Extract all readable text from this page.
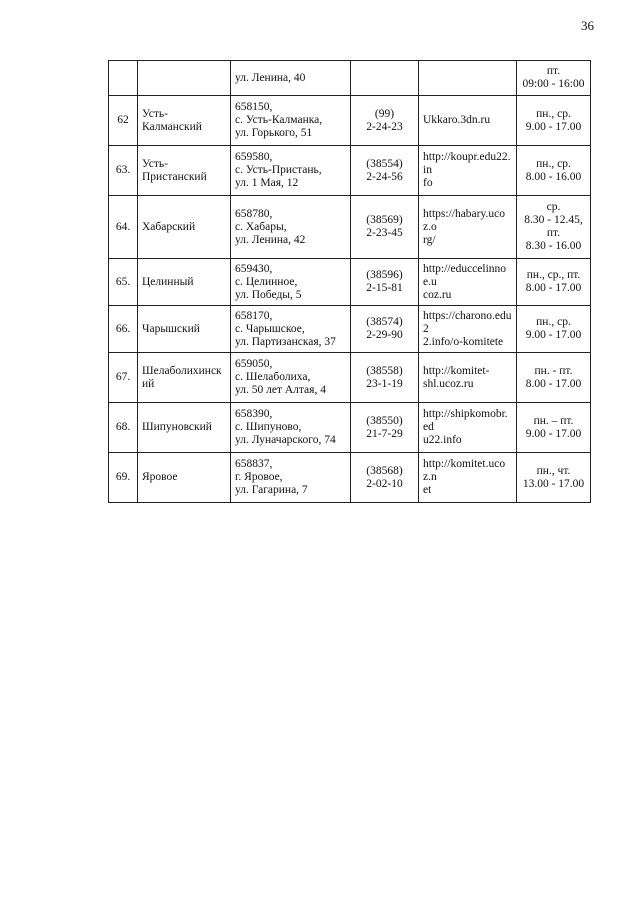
36

		ул. Ленина, 40			пт.
09:00 - 16:00

62	Усть-Калманский	658150,
с. Усть-Калманка,
ул. Горького, 51	(99)
2-24-23	Ukkaro.3dn.ru	пн., ср.
9.00 - 17.00

63.	Усть-Пристанский	659580,
с. Усть-Пристань,
ул. 1 Мая, 12	(38554)
2-24-56	http://koupr.edu22.in
fo	пн., ср.
8.00 - 16.00

64.	Хабарский	658780,
с. Хабары,
ул. Ленина, 42	(38569)
2-23-45	https://habary.ucoz.o
rg/	ср.
8.30 - 12.45,
пт.
8.30 - 16.00

65.	Целинный	659430,
с. Целинное,
ул. Победы, 5	(38596)
2-15-81	http://educcelinnoe.u
coz.ru	пн., ср., пт.
8.00 - 17.00

66.	Чарышский	658170,
с. Чарышское,
ул. Партизанская, 37	(38574)
2-29-90	https://charono.edu2
2.info/o-komitete	пн., ср.
9.00 - 17.00

67.	Шелаболихинский	659050,
с. Шелаболиха,
ул. 50 лет Алтая, 4	(38558)
23-1-19	http://komitet-
shl.ucoz.ru	пн. - пт.
8.00 - 17.00

68.	Шипуновский	658390,
с. Шипуново,
ул. Луначарского, 74	(38550)
21-7-29	http://shipkomobr.ed
u22.info	пн. – пт.
9.00 - 17.00

69.	Яровое	658837,
г. Яровое,
ул. Гагарина, 7	(38568)
2-02-10	http://komitet.ucoz.n
et	пн., чт.
13.00 - 17.00
